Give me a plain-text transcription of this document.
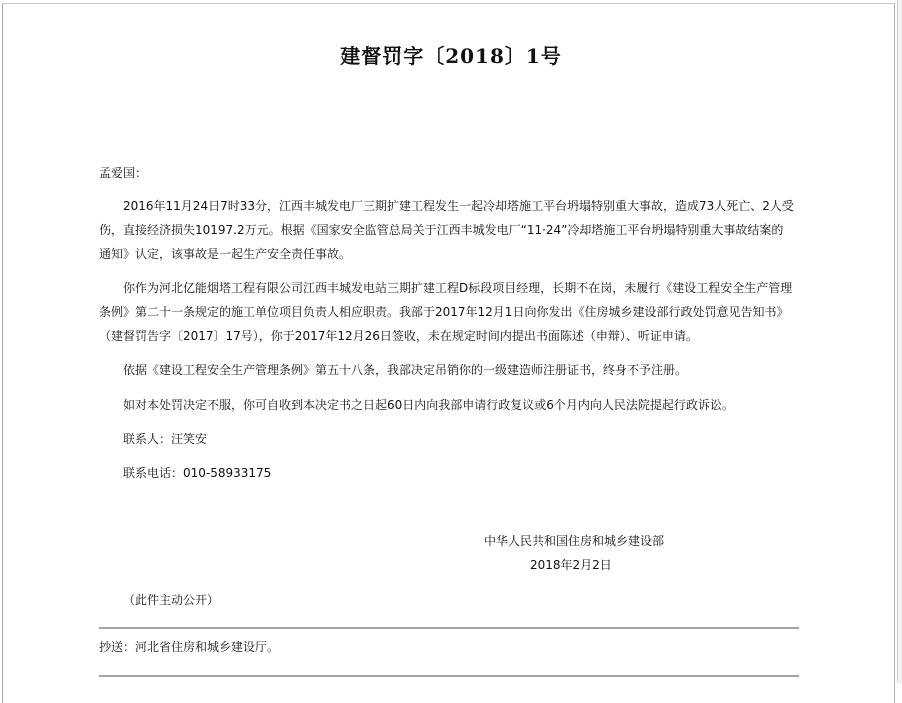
建督罚字〔2018〕1号
孟爱国：
2016年11月24日7时33分，江西丰城发电厂三期扩建工程发生一起冷却塔施工平台坍塌特别重大事故，造成73人死亡、2人受伤，直接经济损失10197.2万元。根据《国家安全监管总局关于江西丰城发电厂“11·24”冷却塔施工平台坍塌特别重大事故结案的通知》认定，该事故是一起生产安全责任事故。
你作为河北亿能烟塔工程有限公司江西丰城发电站三期扩建工程D标段项目经理，长期不在岗，未履行《建设工程安全生产管理条例》第二十一条规定的施工单位项目负责人相应职责。我部于2017年12月1日向你发出《住房城乡建设部行政处罚意见告知书》（建督罚告字〔2017〕17号），你于2017年12月26日签收，未在规定时间内提出书面陈述（申辩）、听证申请。
依据《建设工程安全生产管理条例》第五十八条，我部决定吊销你的一级建造师注册证书，终身不予注册。
如对本处罚决定不服，你可自收到本决定书之日起60日内向我部申请行政复议或6个月内向人民法院提起行政诉讼。
联系人：汪笑安
联系电话：010-58933175
中华人民共和国住房和城乡建设部
2018年2月2日
（此件主动公开）
抄送：河北省住房和城乡建设厅。
